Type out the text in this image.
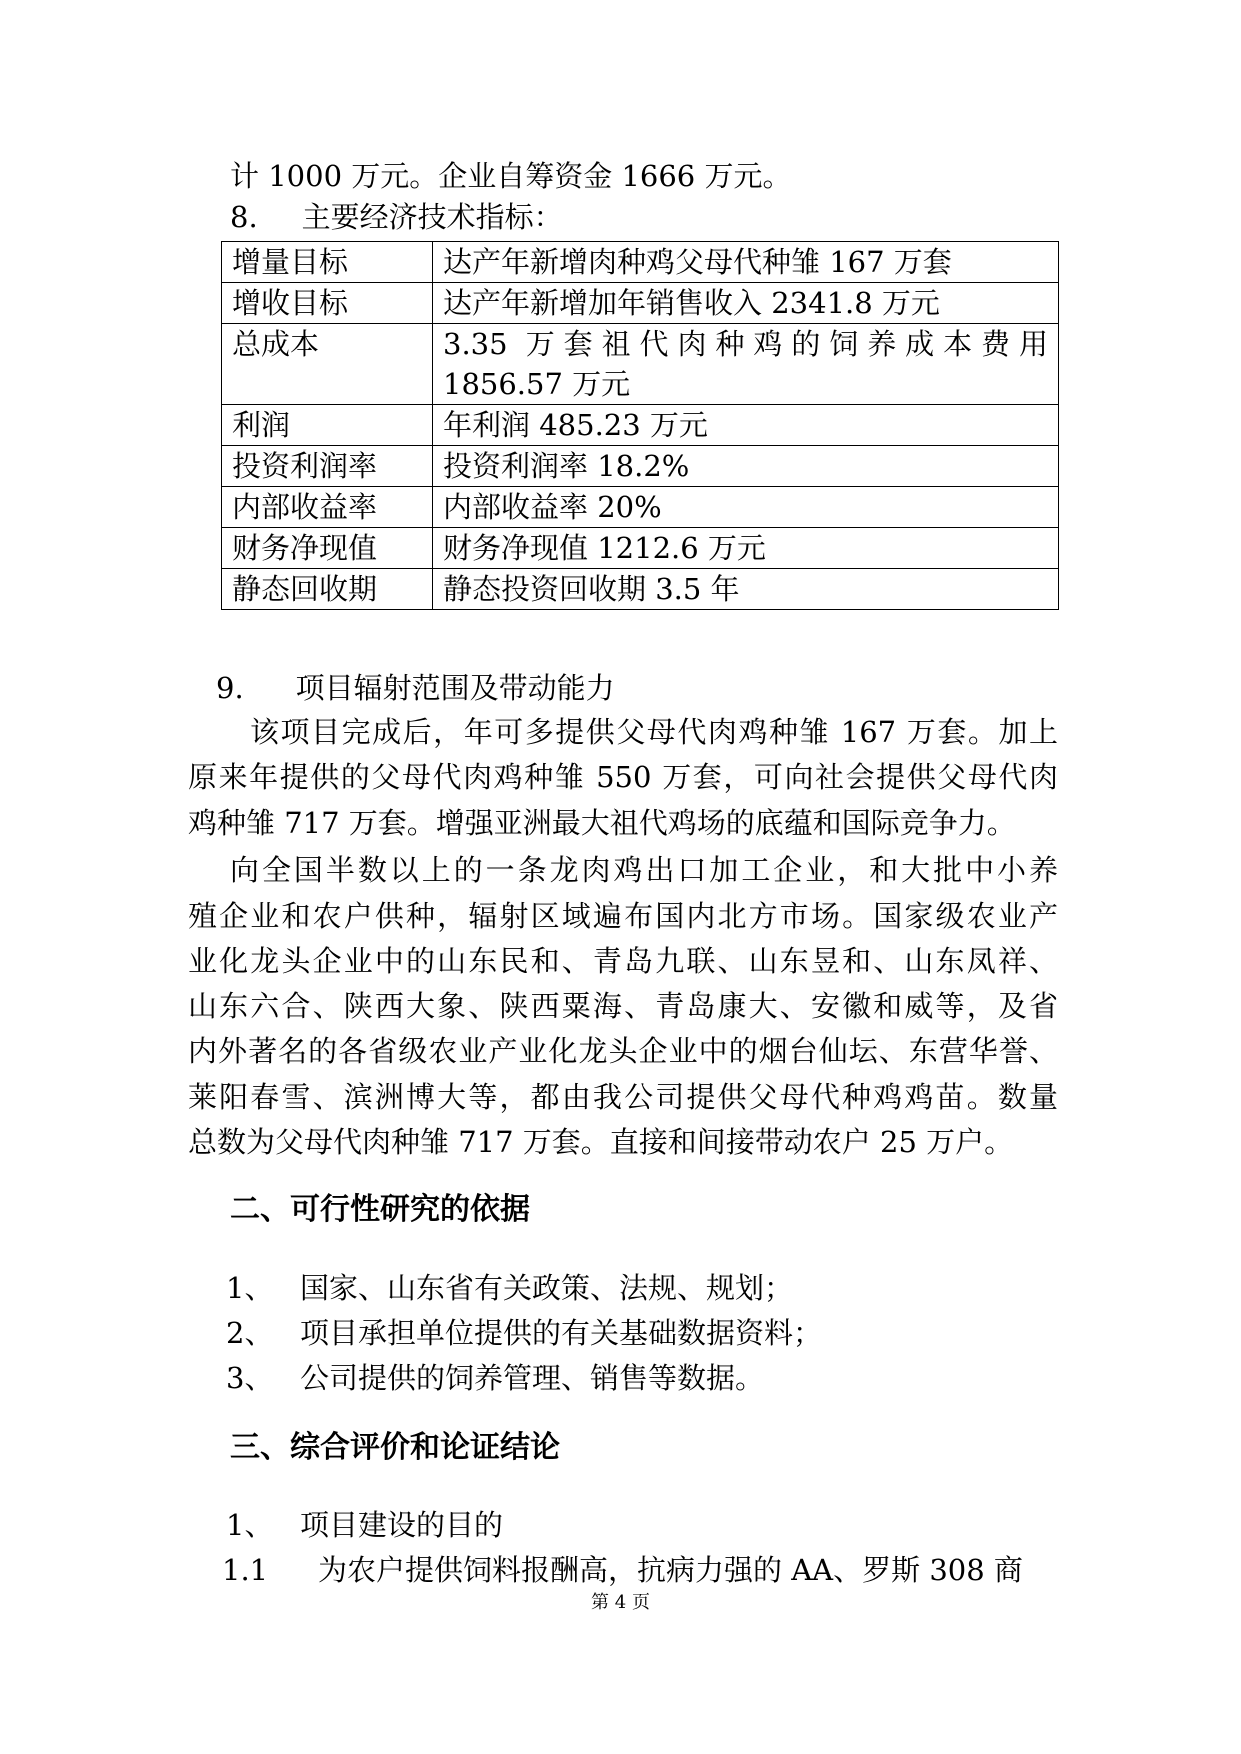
计 1000 万元。企业自筹资金 1666 万元。
8. 主要经济技术指标：
增量目标	达产年新增肉种鸡父母代种雏 167 万套
增收目标	达产年新增加年销售收入 2341.8 万元
总成本	3.35 万套祖代肉种鸡的饲养成本费用
1856.57 万元

利润	年利润 485.23 万元
投资利润率	投资利润率 18.2%
内部收益率	内部收益率 20%
财务净现值	财务净现值 1212.6 万元
静态回收期	静态投资回收期 3.5 年
9. 项目辐射范围及带动能力
该项目完成后，年可多提供父母代肉鸡种雏 167 万套。加上
原来年提供的父母代肉鸡种雏 550 万套，可向社会提供父母代肉
鸡种雏 717 万套。增强亚洲最大祖代鸡场的底蕴和国际竞争力。
向全国半数以上的一条龙肉鸡出口加工企业，和大批中小养
殖企业和农户供种，辐射区域遍布国内北方市场。国家级农业产
业化龙头企业中的山东民和、青岛九联、山东昱和、山东凤祥、
山东六合、陕西大象、陕西粟海、青岛康大、安徽和威等，及省
内外著名的各省级农业产业化龙头企业中的烟台仙坛、东营华誉、
莱阳春雪、滨洲博大等，都由我公司提供父母代种鸡鸡苗。数量
总数为父母代肉种雏 717 万套。直接和间接带动农户 25 万户。
二、可行性研究的依据
1、 国家、山东省有关政策、法规、规划；
2、 项目承担单位提供的有关基础数据资料；
3、 公司提供的饲养管理、销售等数据。
三、综合评价和论证结论
1、 项目建设的目的
1.1 为农户提供饲料报酬高，抗病力强的 AA、罗斯 308 商
第 4 页
